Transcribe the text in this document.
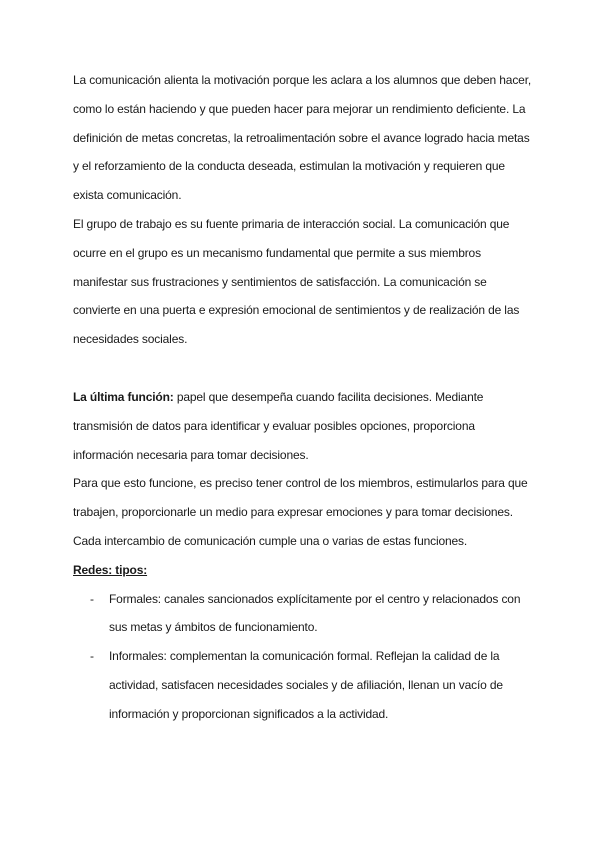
La comunicación alienta la motivación porque les aclara a los alumnos que deben hacer, como lo están haciendo y que pueden hacer para mejorar un rendimiento deficiente. La definición de metas concretas, la retroalimentación sobre el avance logrado hacia metas y el reforzamiento de la conducta deseada, estimulan la motivación y requieren que exista comunicación.

El grupo de trabajo es su fuente primaria de interacción social. La comunicación que ocurre en el grupo es un mecanismo fundamental que permite a sus miembros manifestar sus frustraciones y sentimientos de satisfacción. La comunicación se convierte en una puerta e expresión emocional de sentimientos y de realización de las necesidades sociales.

La última función: papel que desempeña cuando facilita decisiones. Mediante transmisión de datos para identificar y evaluar posibles opciones, proporciona información necesaria para tomar decisiones.

Para que esto funcione, es preciso tener control de los miembros, estimularlos para que trabajen, proporcionarle un medio para expresar emociones y para tomar decisiones. Cada intercambio de comunicación cumple una o varias de estas funciones.

Redes: tipos:

- Formales: canales sancionados explícitamente por el centro y relacionados con sus metas y ámbitos de funcionamiento.
- Informales: complementan la comunicación formal. Reflejan la calidad de la actividad, satisfacen necesidades sociales y de afiliación, llenan un vacío de información y proporcionan significados a la actividad.
